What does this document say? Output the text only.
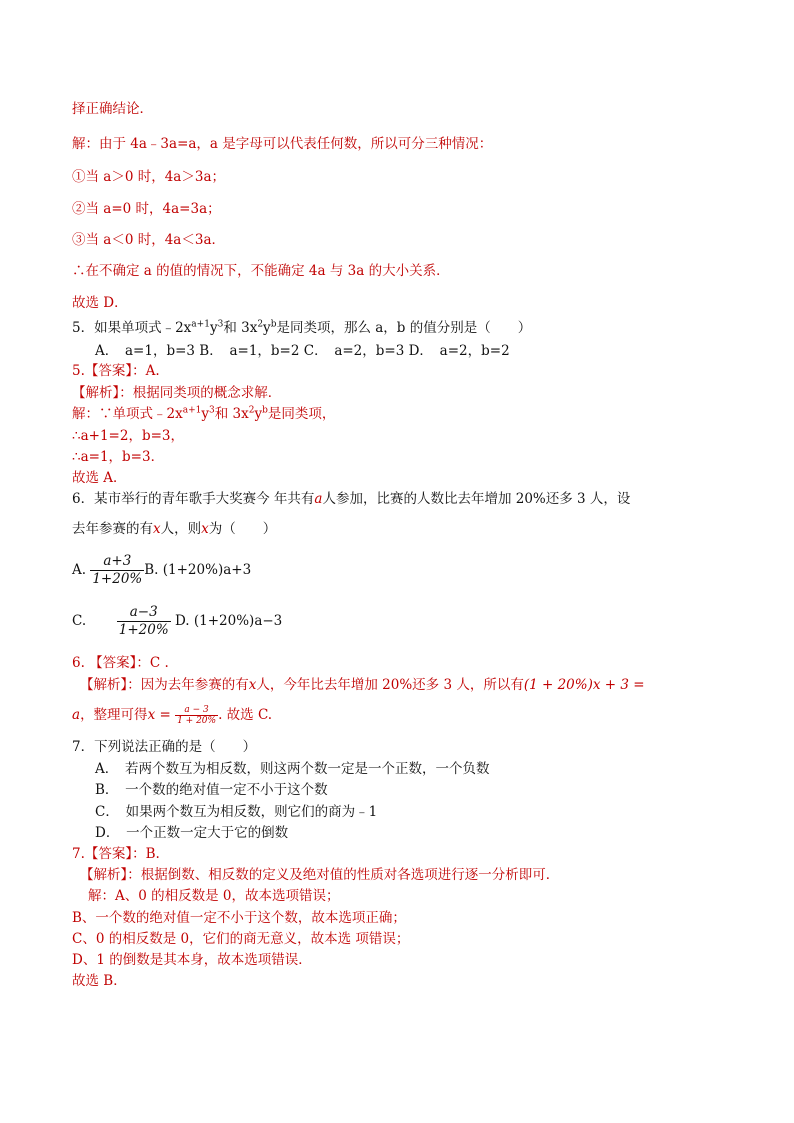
择正确结论．
解：由于 4a﹣3a=a，a 是字母可以代表任何数，所以可分三种情况：
①当 a＞0 时，4a＞3a；
②当 a=0 时，4a=3a；
③当 a＜0 时，4a＜3a．
∴在不确定 a 的值的情况下，不能确定 4a 与 3a 的大小关系．
故选 D．
5．如果单项式$﹣2x^{a+1}y^3$和 $3x^2y^b$是同类项，那么 a，b 的值分别是（　　）
A．　a=1，b=3 B．　a=1，b=2 C．　a=2，b=3 D．　a=2，b=2
5.【答案】：A.
【解析】：根据同类项的概念求解．
解：∵单项式$﹣2x^{a+1}y^3$和 $3x^2y^b$是同类项，
∴a+1=2，b=3，
∴a=1，b=3．
故选 A．
6．某市举行的青年歌手大奖赛今 年共有a人参加，比赛的人数比去年增加 20%还多 3 人，设
去年参赛的有x人，则x为（　　）
A. $\frac{a+3}{1+20\%} B$. (1+20%)a+3
C. $\frac{a-3}{1+20\%} D$. (1+20%)a−3
6. 【答案】：C .
【解析】：因为去年参赛的有x人，今年比去年增加 20%还多 3 人，所以有(1 + 20%)x + 3 =
a，整理可得$x = \frac{a - 3}{1 + 20\%}$ . 故选 C.
7．下列说法正确的是（　　）
A．　若两个数互为相反数，则这两个数一定是一个正数，一个负数
B．　一个数的绝对值一定不小于这个数
C．　如果两个数互为相反数，则它们的商为﹣1
D．　一个正数一定大于它的倒数
7.【答案】：B.
【解析】：根据倒数、相反数的定义及绝对值的性质对各选项进行逐一分析即可．
解：A、0 的相反数是 0，故本选项错误；
B、一个数的绝对值一定不小于这个数，故本选项正确；
C、0 的相反数是 0，它们的商无意义，故本选 项错误；
D、1 的倒数是其本身，故本选项错误．
故选 B．
